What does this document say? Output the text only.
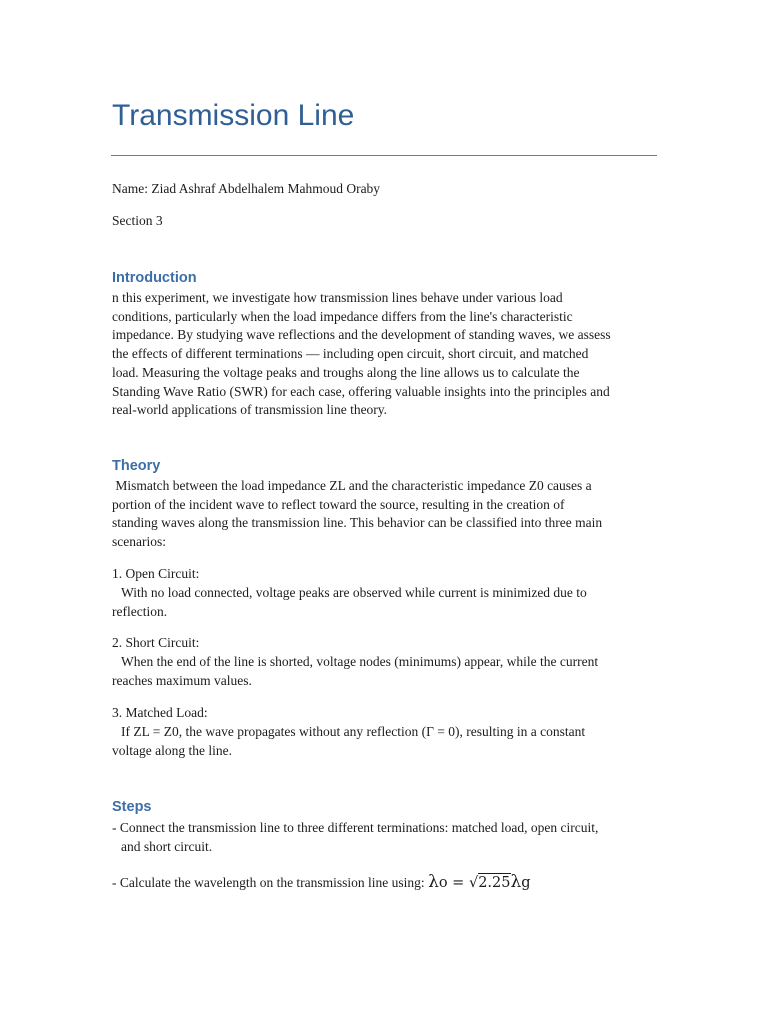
Transmission Line

Name: Ziad Ashraf Abdelhalem Mahmoud Oraby

Section 3

Introduction

n this experiment, we investigate how transmission lines behave under various load
conditions, particularly when the load impedance differs from the line's characteristic
impedance. By studying wave reflections and the development of standing waves, we assess
the effects of different terminations — including open circuit, short circuit, and matched
load. Measuring the voltage peaks and troughs along the line allows us to calculate the
Standing Wave Ratio (SWR) for each case, offering valuable insights into the principles and
real-world applications of transmission line theory.

Theory

Mismatch between the load impedance ZL and the characteristic impedance Z0 causes a
portion of the incident wave to reflect toward the source, resulting in the creation of
standing waves along the transmission line. This behavior can be classified into three main
scenarios:

1. Open Circuit:

With no load connected, voltage peaks are observed while current is minimized due to
reflection.

2. Short Circuit:

When the end of the line is shorted, voltage nodes (minimums) appear, while the current
reaches maximum values.

3. Matched Load:

If ZL = Z0, the wave propagates without any reflection (Γ = 0), resulting in a constant
voltage along the line.

Steps

- Connect the transmission line to three different terminations: matched load, open circuit,
and short circuit.

- Calculate the wavelength on the transmission line using: λo = √2.25λg
